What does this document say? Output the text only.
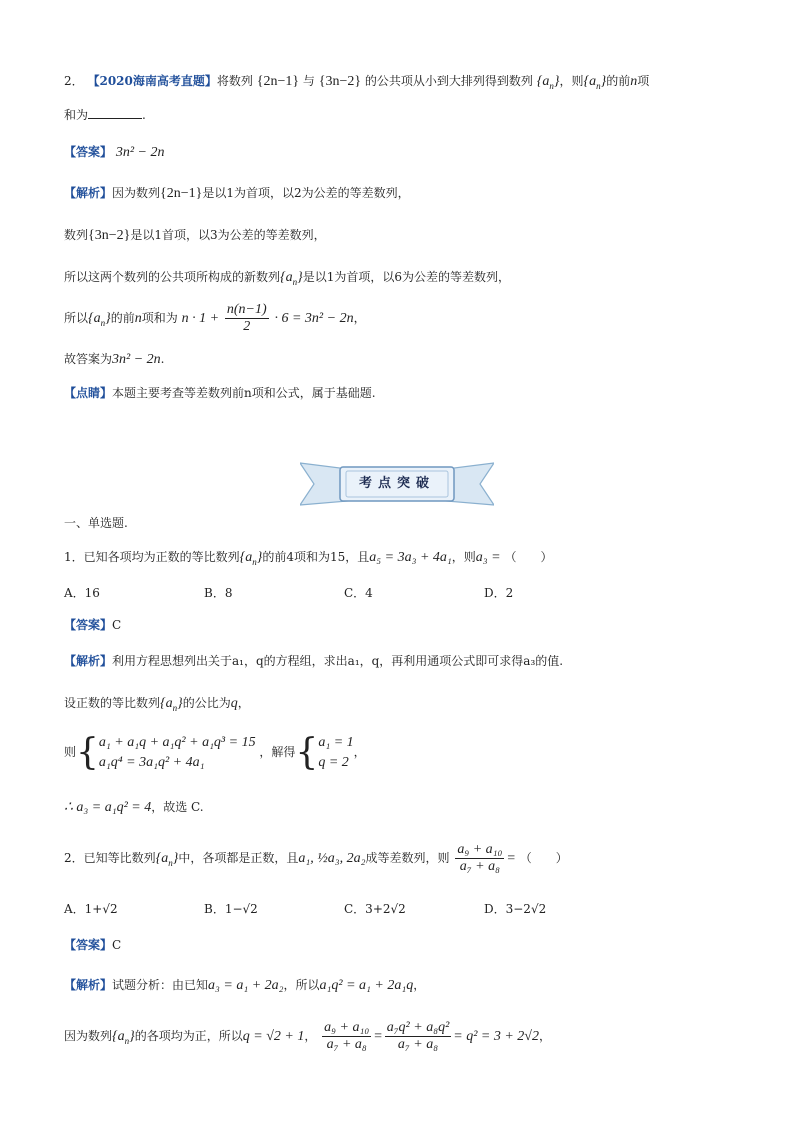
2． 【2020海南高考直题】将数列 {2n−1} 与 {3n−2} 的公共项从小到大排列得到数列 $\{a_n\}$，则$\{a_n\}$的前n项
和为	.
【答案】 3n² − 2n
【解析】因为数列{2n−1}是以1为首项，以2为公差的等差数列，
数列{3n−2}是以1首项，以3为公差的等差数列，
所以这两个数列的公共项所构成的新数列$\{a_n\}$是以1为首项，以6为公差的等差数列，
所以$\{a_n\}$的前n项和为 $n \cdot 1 + \frac{n(n-1)}{2} \cdot 6 = 3n^2 - 2n$，
故答案为3n² − 2n.
【点睛】本题主要考查等差数列前n项和公式，属于基础题.
考点突破
一、单选题.
1．已知各项均为正数的等比数列$\{a_n\}$的前4项和为15，且a₅ = 3a₃ + 4a₁，则a₃ = （　　）
A．16	B．8	C．4	D．2
【答案】C
【解析】利用方程思想列出关于a₁，q的方程组，求出a₁，q，再利用通项公式即可求得a₃的值.
设正数的等比数列$\{a_n\}$的公比为q，
则{ a₁ + a₁q + a₁q² + a₁q³ = 15
a₁q⁴ = 3a₁q² + 4a₁
，解得{ a₁ = 1
q = 2
，
∴ a₃ = a₁q² = 4，故选 C.
2．已知等比数列$\{a_n\}$中，各项都是正数，且a₁, ½a₃, 2a₂成等差数列，则 $\frac{\text{a₉ + a₁₀}}{\text{a₇ + a₈}}$ = （　　）
A．1+√2	B．1−√2	C．3+2√2	D．3−2√2
【答案】C
【解析】试题分析：由已知a₃ = a₁ + 2a₂，所以a₁q² = a₁ + 2a₁q，
因为数列$\{a_n\}$的各项均为正，所以q = √2 + 1， $\frac{\text{a₉ + a₁₀}}{\text{a₇ + a₈}} = \frac{\text{a₇q² + a₈q²}}{\text{a₇ + a₈}} = q^2 = 3 + 2√2$，
